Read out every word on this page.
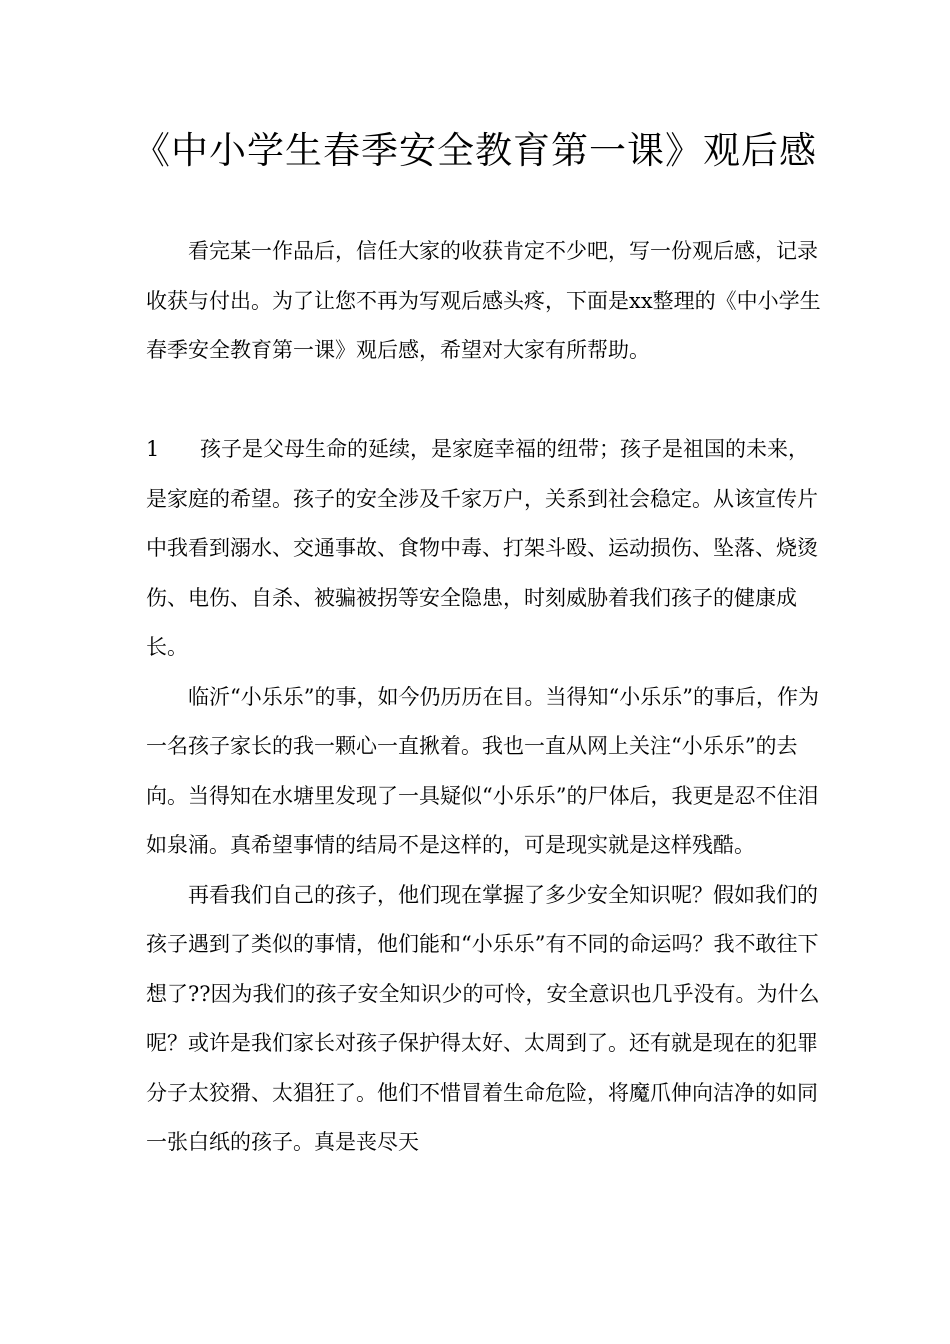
《中小学生春季安全教育第一课》观后感

看完某一作品后，信任大家的收获肯定不少吧，写一份观后感，记录收获与付出。为了让您不再为写观后感头疼，下面是xx整理的《中小学生春季安全教育第一课》观后感，希望对大家有所帮助。

1 孩子是父母生命的延续，是家庭幸福的纽带；孩子是祖国的未来，是家庭的希望。孩子的安全涉及千家万户，关系到社会稳定。从该宣传片中我看到溺水、交通事故、食物中毒、打架斗殴、运动损伤、坠落、烧烫伤、电伤、自杀、被骗被拐等安全隐患，时刻威胁着我们孩子的健康成长。

临沂“小乐乐”的事，如今仍历历在目。当得知“小乐乐”的事后，作为一名孩子家长的我一颗心一直揪着。我也一直从网上关注“小乐乐”的去向。当得知在水塘里发现了一具疑似“小乐乐”的尸体后，我更是忍不住泪如泉涌。真希望事情的结局不是这样的，可是现实就是这样残酷。

再看我们自己的孩子，他们现在掌握了多少安全知识呢？假如我们的孩子遇到了类似的事情，他们能和“小乐乐”有不同的命运吗？我不敢往下想了??因为我们的孩子安全知识少的可怜，安全意识也几乎没有。为什么呢？或许是我们家长对孩子保护得太好、太周到了。还有就是现在的犯罪分子太狡猾、太猖狂了。他们不惜冒着生命危险，将魔爪伸向洁净的如同一张白纸的孩子。真是丧尽天
